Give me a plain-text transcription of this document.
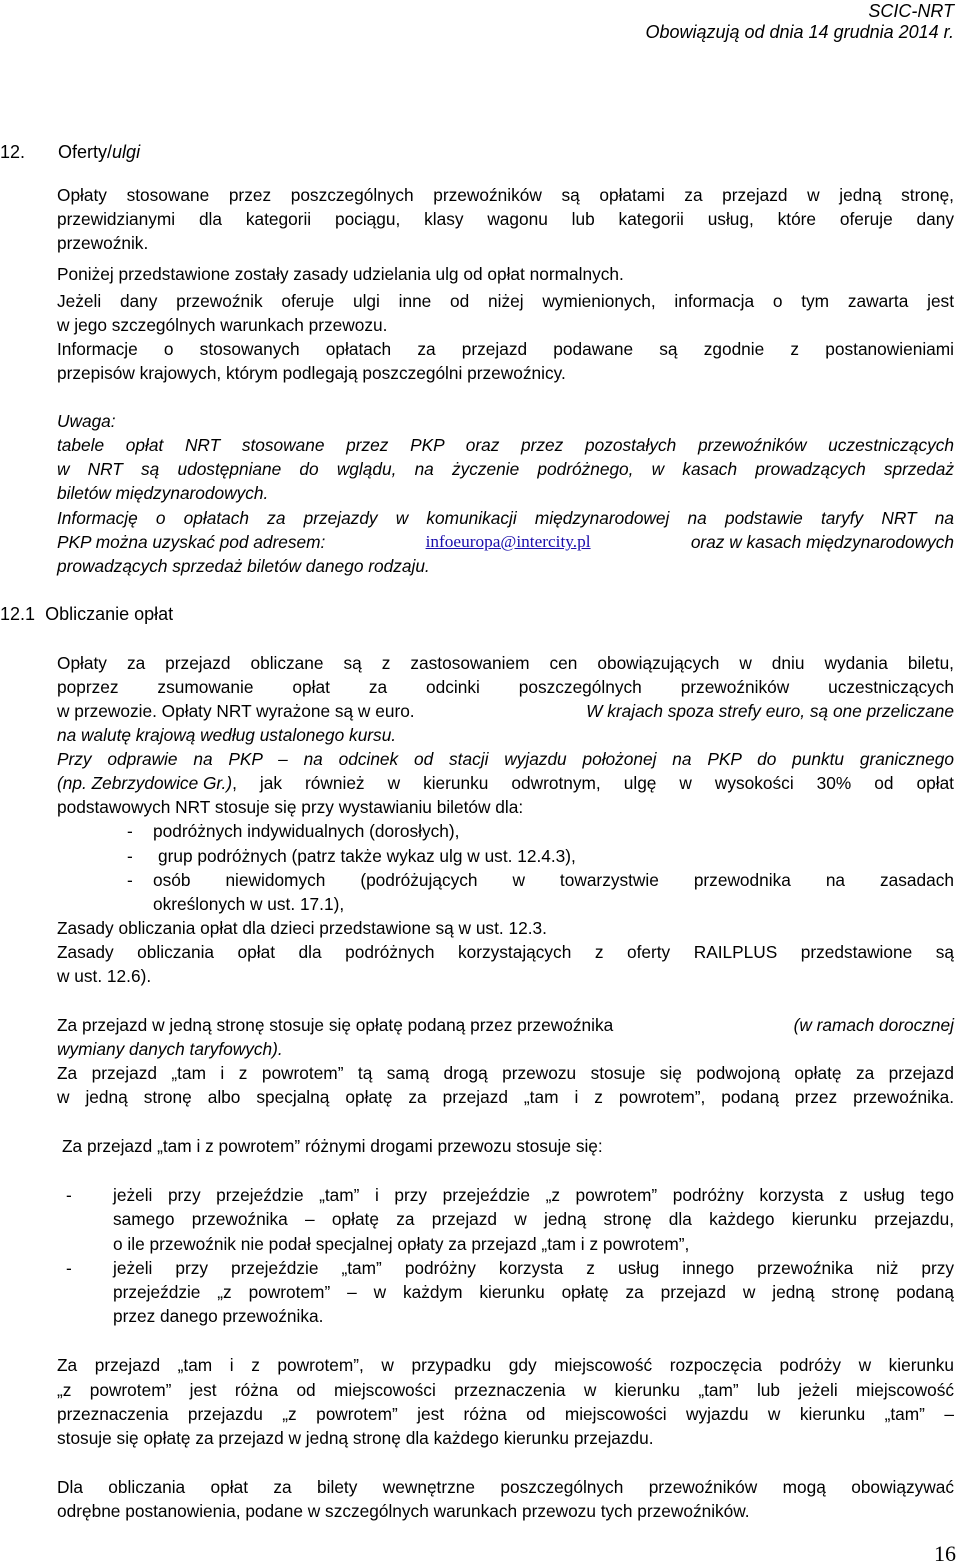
SCIC-NRT
Obowiązują od dnia 14 grudnia 2014 r.
12. Oferty/ulgi
Opłaty stosowane przez poszczególnych przewoźników są opłatami za przejazd w jedną stronę,
przewidzianymi dla kategorii pociągu, klasy wagonu lub kategorii usług, które oferuje dany
przewoźnik.
Poniżej przedstawione zostały zasady udzielania ulg od opłat normalnych.
Jeżeli dany przewoźnik oferuje ulgi inne od niżej wymienionych, informacja o tym zawarta jest
w jego szczególnych warunkach przewozu.
Informacje o stosowanych opłatach za przejazd podawane są zgodnie z postanowieniami
przepisów krajowych, którym podlegają poszczególni przewoźnicy.
Uwaga:
tabele opłat NRT stosowane przez PKP oraz przez pozostałych przewoźników uczestniczących
w NRT są udostępniane do wglądu, na życzenie podróżnego, w kasach prowadzących sprzedaż
biletów międzynarodowych.
Informację o opłatach za przejazdy w komunikacji międzynarodowej na podstawie taryfy NRT na
PKP można uzyskać pod adresem:	infoeuropa@intercity.pl	oraz w kasach międzynarodowych
prowadzących sprzedaż biletów danego rodzaju.
12.1 Obliczanie opłat
Opłaty za przejazd obliczane są z zastosowaniem cen obowiązujących w dniu wydania biletu,
poprzez zsumowanie opłat za odcinki poszczególnych przewoźników uczestniczących
w przewozie. Opłaty NRT wyrażone są w euro.	W krajach spoza strefy euro, są one przeliczane
na walutę krajową według ustalonego kursu.
Przy odprawie na PKP – na odcinek od stacji wyjazdu położonej na PKP do punktu granicznego
(np. Zebrzydowice Gr.) , jak również w kierunku odwrotnym, ulgę w wysokości 30% od opłat
podstawowych NRT stosuje się przy wystawianiu biletów dla:
- podróżnych indywidualnych (dorosłych),
- grup podróżnych (patrz także wykaz ulg w ust. 12.4.3),
- osób niewidomych (podróżujących w towarzystwie przewodnika na zasadach
określonych w ust. 17.1),
Zasady obliczania opłat dla dzieci przedstawione są w ust. 12.3.
Zasady obliczania opłat dla podróżnych korzystających z oferty RAILPLUS przedstawione są
w ust. 12.6).
Za przejazd w jedną stronę stosuje się opłatę podaną przez przewoźnika	(w ramach dorocznej
wymiany danych taryfowych).
Za przejazd „tam i z powrotem” tą samą drogą przewozu stosuje się podwojoną opłatę za przejazd
w jedną stronę albo specjalną opłatę za przejazd „tam i z powrotem”, podaną przez przewoźnika.
Za przejazd „tam i z powrotem” różnymi drogami przewozu stosuje się:
- jeżeli przy przejeździe „tam” i przy przejeździe „z powrotem” podróżny korzysta z usług tego
samego przewoźnika – opłatę za przejazd w jedną stronę dla każdego kierunku przejazdu,
o ile przewoźnik nie podał specjalnej opłaty za przejazd „tam i z powrotem”,
- jeżeli przy przejeździe „tam” podróżny korzysta z usług innego przewoźnika niż przy
przejeździe „z powrotem” – w każdym kierunku opłatę za przejazd w jedną stronę podaną
przez danego przewoźnika.
Za przejazd „tam i z powrotem”, w przypadku gdy miejscowość rozpoczęcia podróży w kierunku
„z powrotem” jest różna od miejscowości przeznaczenia w kierunku „tam” lub jeżeli miejscowość
przeznaczenia przejazdu „z powrotem” jest różna od miejscowości wyjazdu w kierunku „tam” –
stosuje się opłatę za przejazd w jedną stronę dla każdego kierunku przejazdu.
Dla obliczania opłat za bilety wewnętrzne poszczególnych przewoźników mogą obowiązywać
odrębne postanowienia, podane w szczególnych warunkach przewozu tych przewoźników.
16
